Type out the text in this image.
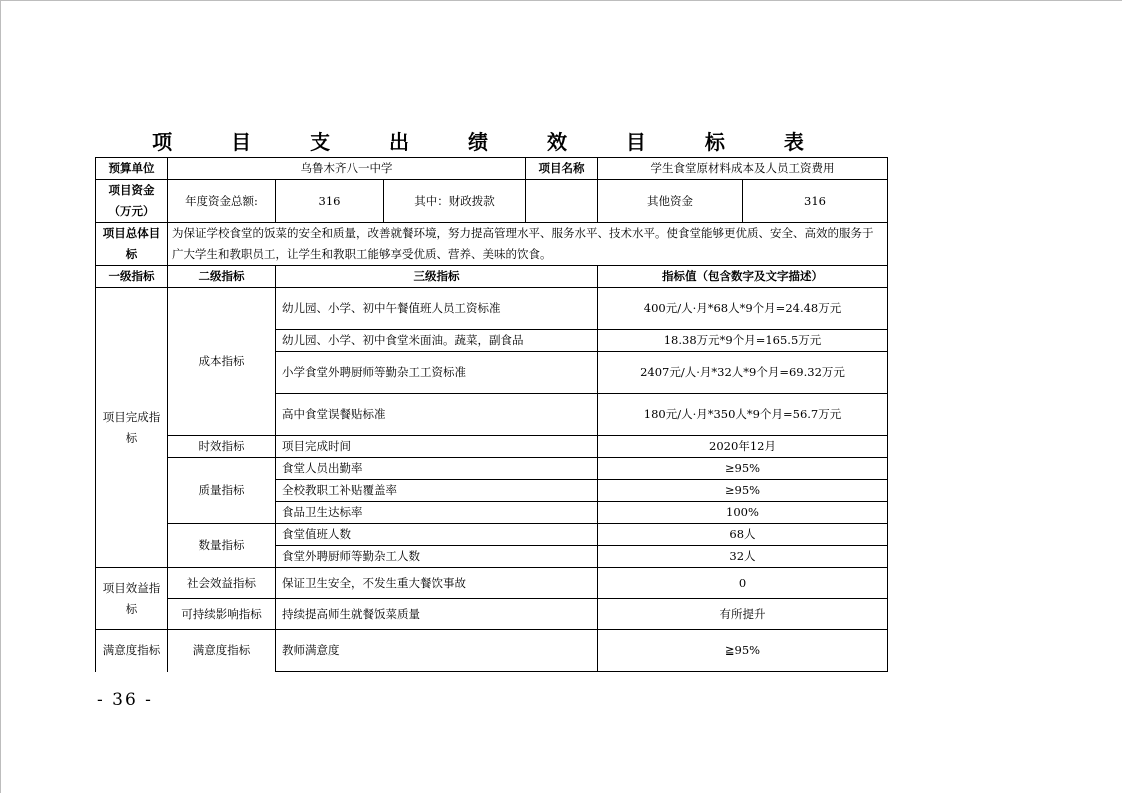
项 目 支 出 绩 效 目 标 表
预算单位	乌鲁木齐八一中学			项目名称	学生食堂原材料成本及人员工资费用	
项目资金（万元）	年度资金总额:	316	其中：财政拨款		其他资金	316
项目总体目标	为保证学校食堂的饭菜的安全和质量，改善就餐环境，努力提高管理水平、服务水平、技术水平。使食堂能够更优质、安全、高效的服务于广大学生和教职员工，让学生和教职工能够享受优质、营养、美味的饮食。					
一级指标	二级指标	三级指标			指标值（包含数字及文字描述）	
项目完成指标	成本指标	幼儿园、小学、初中午餐值班人员工资标准			400元/人·月*68人*9个月=24.48万元	
		幼儿园、小学、初中食堂米面油。蔬菜，副食品			18.38万元*9个月=165.5万元	
		小学食堂外聘厨师等勤杂工工资标准			2407元/人·月*32人*9个月=69.32万元	
		高中食堂误餐贴标准			180元/人·月*350人*9个月=56.7万元	
	时效指标	项目完成时间			2020年12月	
	质量指标	食堂人员出勤率			≥95%	
		全校教职工补贴覆盖率			≥95%	
		食品卫生达标率			100%	
	数量指标	食堂值班人数			68人	
		食堂外聘厨师等勤杂工人数			32人	
项目效益指标	社会效益指标	保证卫生安全，不发生重大餐饮事故			0	
	可持续影响指标	持续提高师生就餐饭菜质量			有所提升	
满意度指标	满意度指标	教师满意度			≧95%	
- 36 -
